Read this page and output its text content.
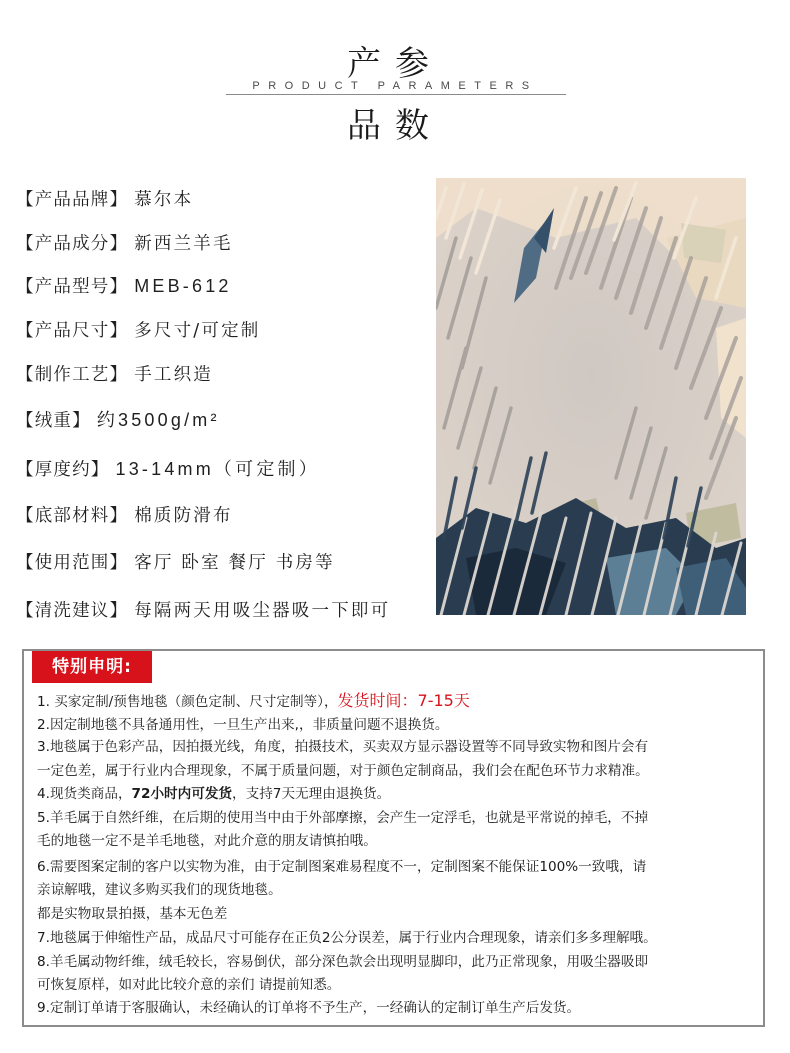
产参
PRODUCT PARAMETERS
品数
【产品品牌】 慕尔本
【产品成分】 新西兰羊毛
【产品型号】 MEB-612
【产品尺寸】 多尺寸/可定制
【制作工艺】 手工织造
【绒重】 约3500g/m²
【厚度约】 13-14mm（可定制）
【底部材料】 棉质防滑布
【使用范围】 客厅 卧室 餐厅 书房等
【清洗建议】 每隔两天用吸尘器吸一下即可
特别申明:
1. 买家定制/预售地毯（颜色定制、尺寸定制等），发货时间：7-15天
2.因定制地毯不具备通用性，一旦生产出来,，非质量问题不退换货。
3.地毯属于色彩产品，因拍摄光线，角度，拍摄技术，买卖双方显示器设置等不同导致实物和图片会有
一定色差，属于行业内合理现象，不属于质量问题，对于颜色定制商品，我们会在配色环节力求精准。
4.现货类商品，72小时内可发货，支持7天无理由退换货。
5.羊毛属于自然纤维，在后期的使用当中由于外部摩擦，会产生一定浮毛，也就是平常说的掉毛，不掉
毛的地毯一定不是羊毛地毯，对此介意的朋友请慎拍哦。
6.需要图案定制的客户以实物为准，由于定制图案难易程度不一，定制图案不能保证100%一致哦，请
亲谅解哦，建议多购买我们的现货地毯。
都是实物取景拍摄，基本无色差
7.地毯属于伸缩性产品，成品尺寸可能存在正负2公分误差，属于行业内合理现象，请亲们多多理解哦。
8.羊毛属动物纤维，绒毛较长，容易倒伏，部分深色款会出现明显脚印，此乃正常现象，用吸尘器吸即
可恢复原样，如对此比较介意的亲们 请提前知悉。
9.定制订单请于客服确认，未经确认的订单将不予生产，一经确认的定制订单生产后发货。
